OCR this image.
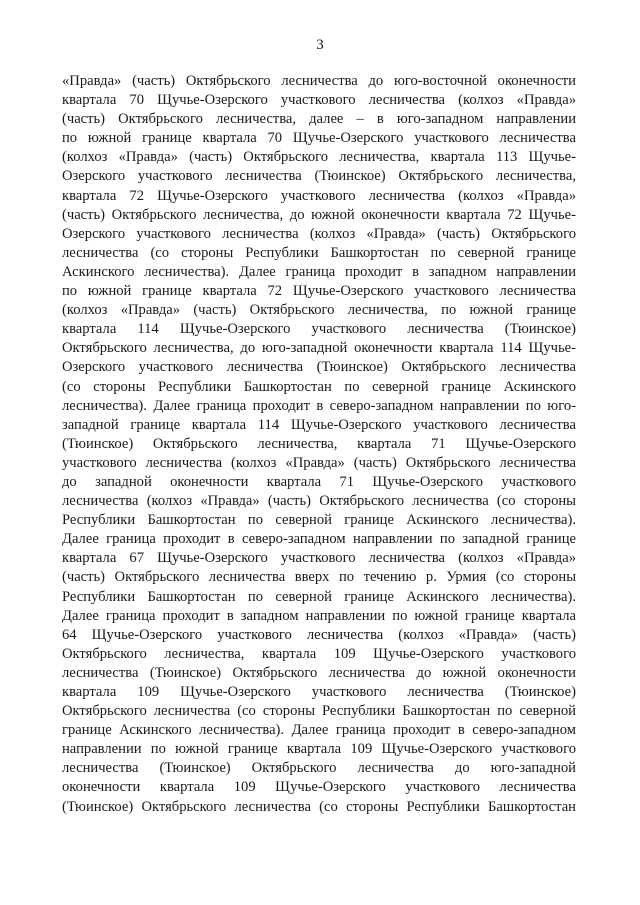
3
«Правда» (часть) Октябрьского лесничества до юго-восточной оконечности
квартала 70 Щучье-Озерского участкового лесничества (колхоз «Правда»
(часть) Октябрьского лесничества, далее – в юго-западном направлении
по южной границе квартала 70 Щучье-Озерского участкового лесничества
(колхоз «Правда» (часть) Октябрьского лесничества, квартала 113 Щучье-
Озерского участкового лесничества (Тюинское) Октябрьского лесничества,
квартала 72 Щучье-Озерского участкового лесничества (колхоз «Правда»
(часть) Октябрьского лесничества, до южной оконечности квартала 72 Щучье-
Озерского участкового лесничества (колхоз «Правда» (часть) Октябрьского
лесничества (со стороны Республики Башкортостан по северной границе
Аскинского лесничества). Далее граница проходит в западном направлении
по южной границе квартала 72 Щучье-Озерского участкового лесничества
(колхоз «Правда» (часть) Октябрьского лесничества, по южной границе
квартала 114 Щучье-Озерского участкового лесничества (Тюинское)
Октябрьского лесничества, до юго-западной оконечности квартала 114 Щучье-
Озерского участкового лесничества (Тюинское) Октябрьского лесничества
(со стороны Республики Башкортостан по северной границе Аскинского
лесничества). Далее граница проходит в северо-западном направлении по юго-
западной границе квартала 114 Щучье-Озерского участкового лесничества
(Тюинское) Октябрьского лесничества, квартала 71 Щучье-Озерского
участкового лесничества (колхоз «Правда» (часть) Октябрьского лесничества
до западной оконечности квартала 71 Щучье-Озерского участкового
лесничества (колхоз «Правда» (часть) Октябрьского лесничества (со стороны
Республики Башкортостан по северной границе Аскинского лесничества).
Далее граница проходит в северо-западном направлении по западной границе
квартала 67 Щучье-Озерского участкового лесничества (колхоз «Правда»
(часть) Октябрьского лесничества вверх по течению р. Урмия (со стороны
Республики Башкортостан по северной границе Аскинского лесничества).
Далее граница проходит в западном направлении по южной границе квартала
64 Щучье-Озерского участкового лесничества (колхоз «Правда» (часть)
Октябрьского лесничества, квартала 109 Щучье-Озерского участкового
лесничества (Тюинское) Октябрьского лесничества до южной оконечности
квартала 109 Щучье-Озерского участкового лесничества (Тюинское)
Октябрьского лесничества (со стороны Республики Башкортостан по северной
границе Аскинского лесничества). Далее граница проходит в северо-западном
направлении по южной границе квартала 109 Щучье-Озерского участкового
лесничества (Тюинское) Октябрьского лесничества до юго-западной
оконечности квартала 109 Щучье-Озерского участкового лесничества
(Тюинское) Октябрьского лесничества (со стороны Республики Башкортостан
